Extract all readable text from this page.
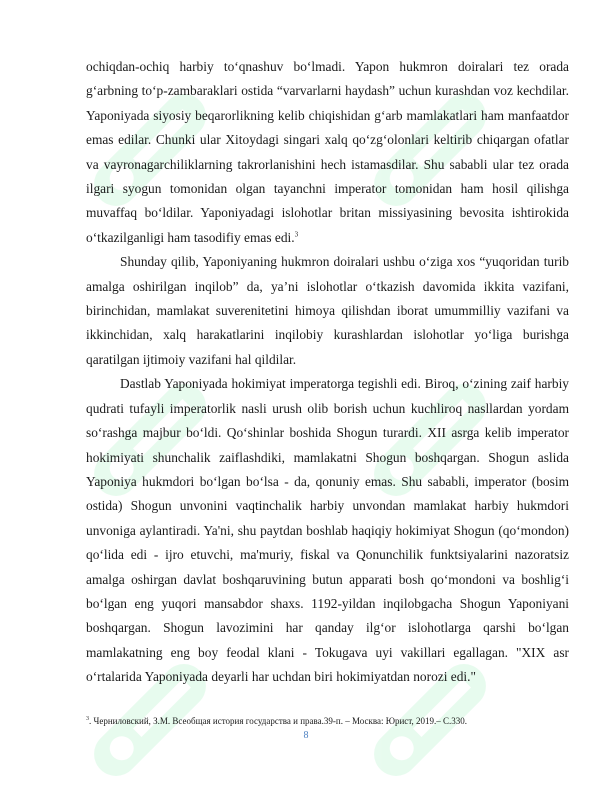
ochiqdan-ochiq harbiy to‘qnashuv bo‘lmadi. Yapon hukmron doiralari tez orada g‘arbning to‘p-zambaraklari ostida “varvarlarni haydash” uchun kurashdan voz kechdilar. Yaponiyada siyosiy beqarorlikning kelib chiqishidan g‘arb mamlakatlari ham manfaatdor emas edilar. Chunki ular Xitoydagi singari xalq qo‘zg‘olonlari keltirib chiqargan ofatlar va vayronagarchiliklarning takrorlanishini hech istamasdilar. Shu sababli ular tez orada ilgari syogun tomonidan olgan tayanchni imperator tomonidan ham hosil qilishga muvaffaq bo‘ldilar. Yaponiyadagi islohotlar britan missiyasining bevosita ishtirokida o‘tkazilganligi ham tasodifiy emas edi.$^3$

Shunday qilib, Yaponiyaning hukmron doiralari ushbu o‘ziga xos “yuqoridan turib amalga oshirilgan inqilob” da, ya’ni islohotlar o‘tkazish davomida ikkita vazifani, birinchidan, mamlakat suverenitetini himoya qilishdan iborat umummilliy vazifani va ikkinchidan, xalq harakatlarini inqilobiy kurashlardan islohotlar yo‘liga burishga qaratilgan ijtimoiy vazifani hal qildilar.

Dastlab Yaponiyada hokimiyat imperatorga tegishli edi. Biroq, o‘zining zaif harbiy qudrati tufayli imperatorlik nasli urush olib borish uchun kuchliroq nasllardan yordam so‘rashga majbur bo‘ldi. Qo‘shinlar boshida Shogun turardi. XII asrga kelib imperator hokimiyati shunchalik zaiflashdiki, mamlakatni Shogun boshqargan. Shogun aslida Yaponiya hukmdori bo‘lgan bo‘lsa - da, qonuniy emas. Shu sababli, imperator (bosim ostida) Shogun unvonini vaqtinchalik harbiy unvondan mamlakat harbiy hukmdori unvoniga aylantiradi. Ya'ni, shu paytdan boshlab haqiqiy hokimiyat Shogun (qo‘mondon) qo‘lida edi - ijro etuvchi, ma'muriy, fiskal va Qonunchilik funktsiyalarini nazoratsiz amalga oshirgan davlat boshqaruvining butun apparati bosh qo‘mondoni va boshlig‘i bo‘lgan eng yuqori mansabdor shaxs. 1192-yildan inqilobgacha Shogun Yaponiyani boshqargan. Shogun lavozimini har qanday ilg‘or islohotlarga qarshi bo‘lgan mamlakatning eng boy feodal klani - Tokugava uyi vakillari egallagan. "XIX asr o‘rtalarida Yaponiyada deyarli har uchdan biri hokimiyatdan norozi edi."

$^3$. Черниловский, З.М. Всеобщая история государства и права.39-п. – Москва: Юрист, 2019.– С.330.
8
